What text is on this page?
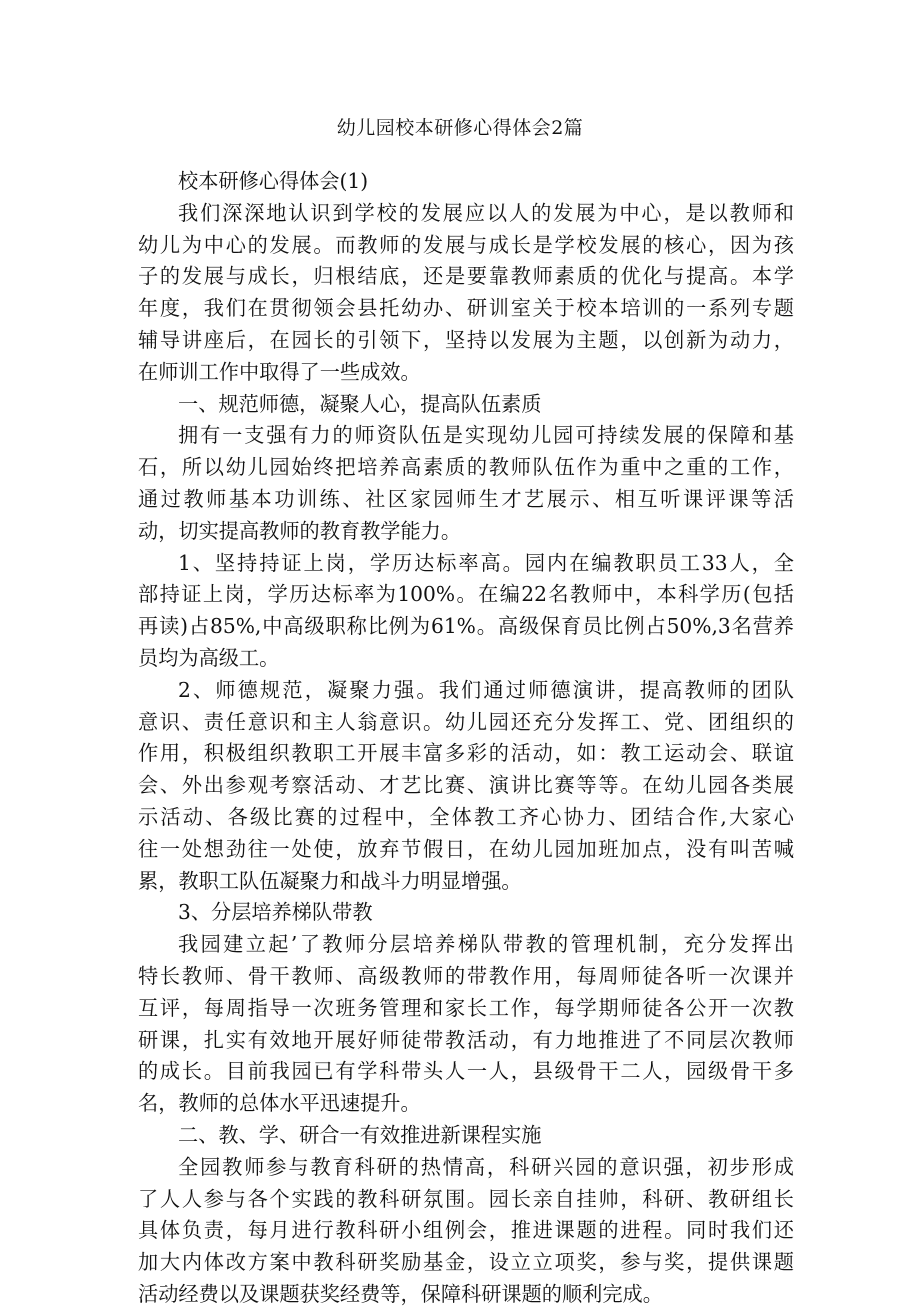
幼儿园校本研修心得体会2篇
校本研修心得体会(1)
我们深深地认识到学校的发展应以人的发展为中心，是以教师和
幼儿为中心的发展。而教师的发展与成长是学校发展的核心，因为孩
子的发展与成长，归根结底，还是要靠教师素质的优化与提高。本学
年度，我们在贯彻领会县托幼办、研训室关于校本培训的一系列专题
辅导讲座后，在园长的引领下，坚持以发展为主题，以创新为动力，
在师训工作中取得了一些成效。
一、规范师德，凝聚人心，提高队伍素质
拥有一支强有力的师资队伍是实现幼儿园可持续发展的保障和基
石，所以幼儿园始终把培养高素质的教师队伍作为重中之重的工作，
通过教师基本功训练、社区家园师生才艺展示、相互听课评课等活
动，切实提高教师的教育教学能力。
1、坚持持证上岗，学历达标率高。园内在编教职员工33人，全
部持证上岗，学历达标率为100%。在编22名教师中，本科学历(包括
再读)占85%,中高级职称比例为61%。高级保育员比例占50%,3名营养
员均为高级工。
2、师德规范，凝聚力强。我们通过师德演讲，提高教师的团队
意识、责任意识和主人翁意识。幼儿园还充分发挥工、党、团组织的
作用，积极组织教职工开展丰富多彩的活动，如：教工运动会、联谊
会、外出参观考察活动、才艺比赛、演讲比赛等等。在幼儿园各类展
示活动、各级比赛的过程中，全体教工齐心协力、团结合作,大家心
往一处想劲往一处使，放弃节假日，在幼儿园加班加点，没有叫苦喊
累，教职工队伍凝聚力和战斗力明显增强。
3、分层培养梯队带教
我园建立起’了教师分层培养梯队带教的管理机制，充分发挥出
特长教师、骨干教师、高级教师的带教作用，每周师徒各听一次课并
互评，每周指导一次班务管理和家长工作，每学期师徒各公开一次教
研课，扎实有效地开展好师徒带教活动，有力地推进了不同层次教师
的成长。目前我园已有学科带头人一人，县级骨干二人，园级骨干多
名，教师的总体水平迅速提升。
二、教、学、研合一有效推进新课程实施
全园教师参与教育科研的热情高，科研兴园的意识强，初步形成
了人人参与各个实践的教科研氛围。园长亲自挂帅，科研、教研组长
具体负责，每月进行教科研小组例会，推进课题的进程。同时我们还
加大内体改方案中教科研奖励基金，设立立项奖，参与奖，提供课题
活动经费以及课题获奖经费等，保障科研课题的顺利完成。
